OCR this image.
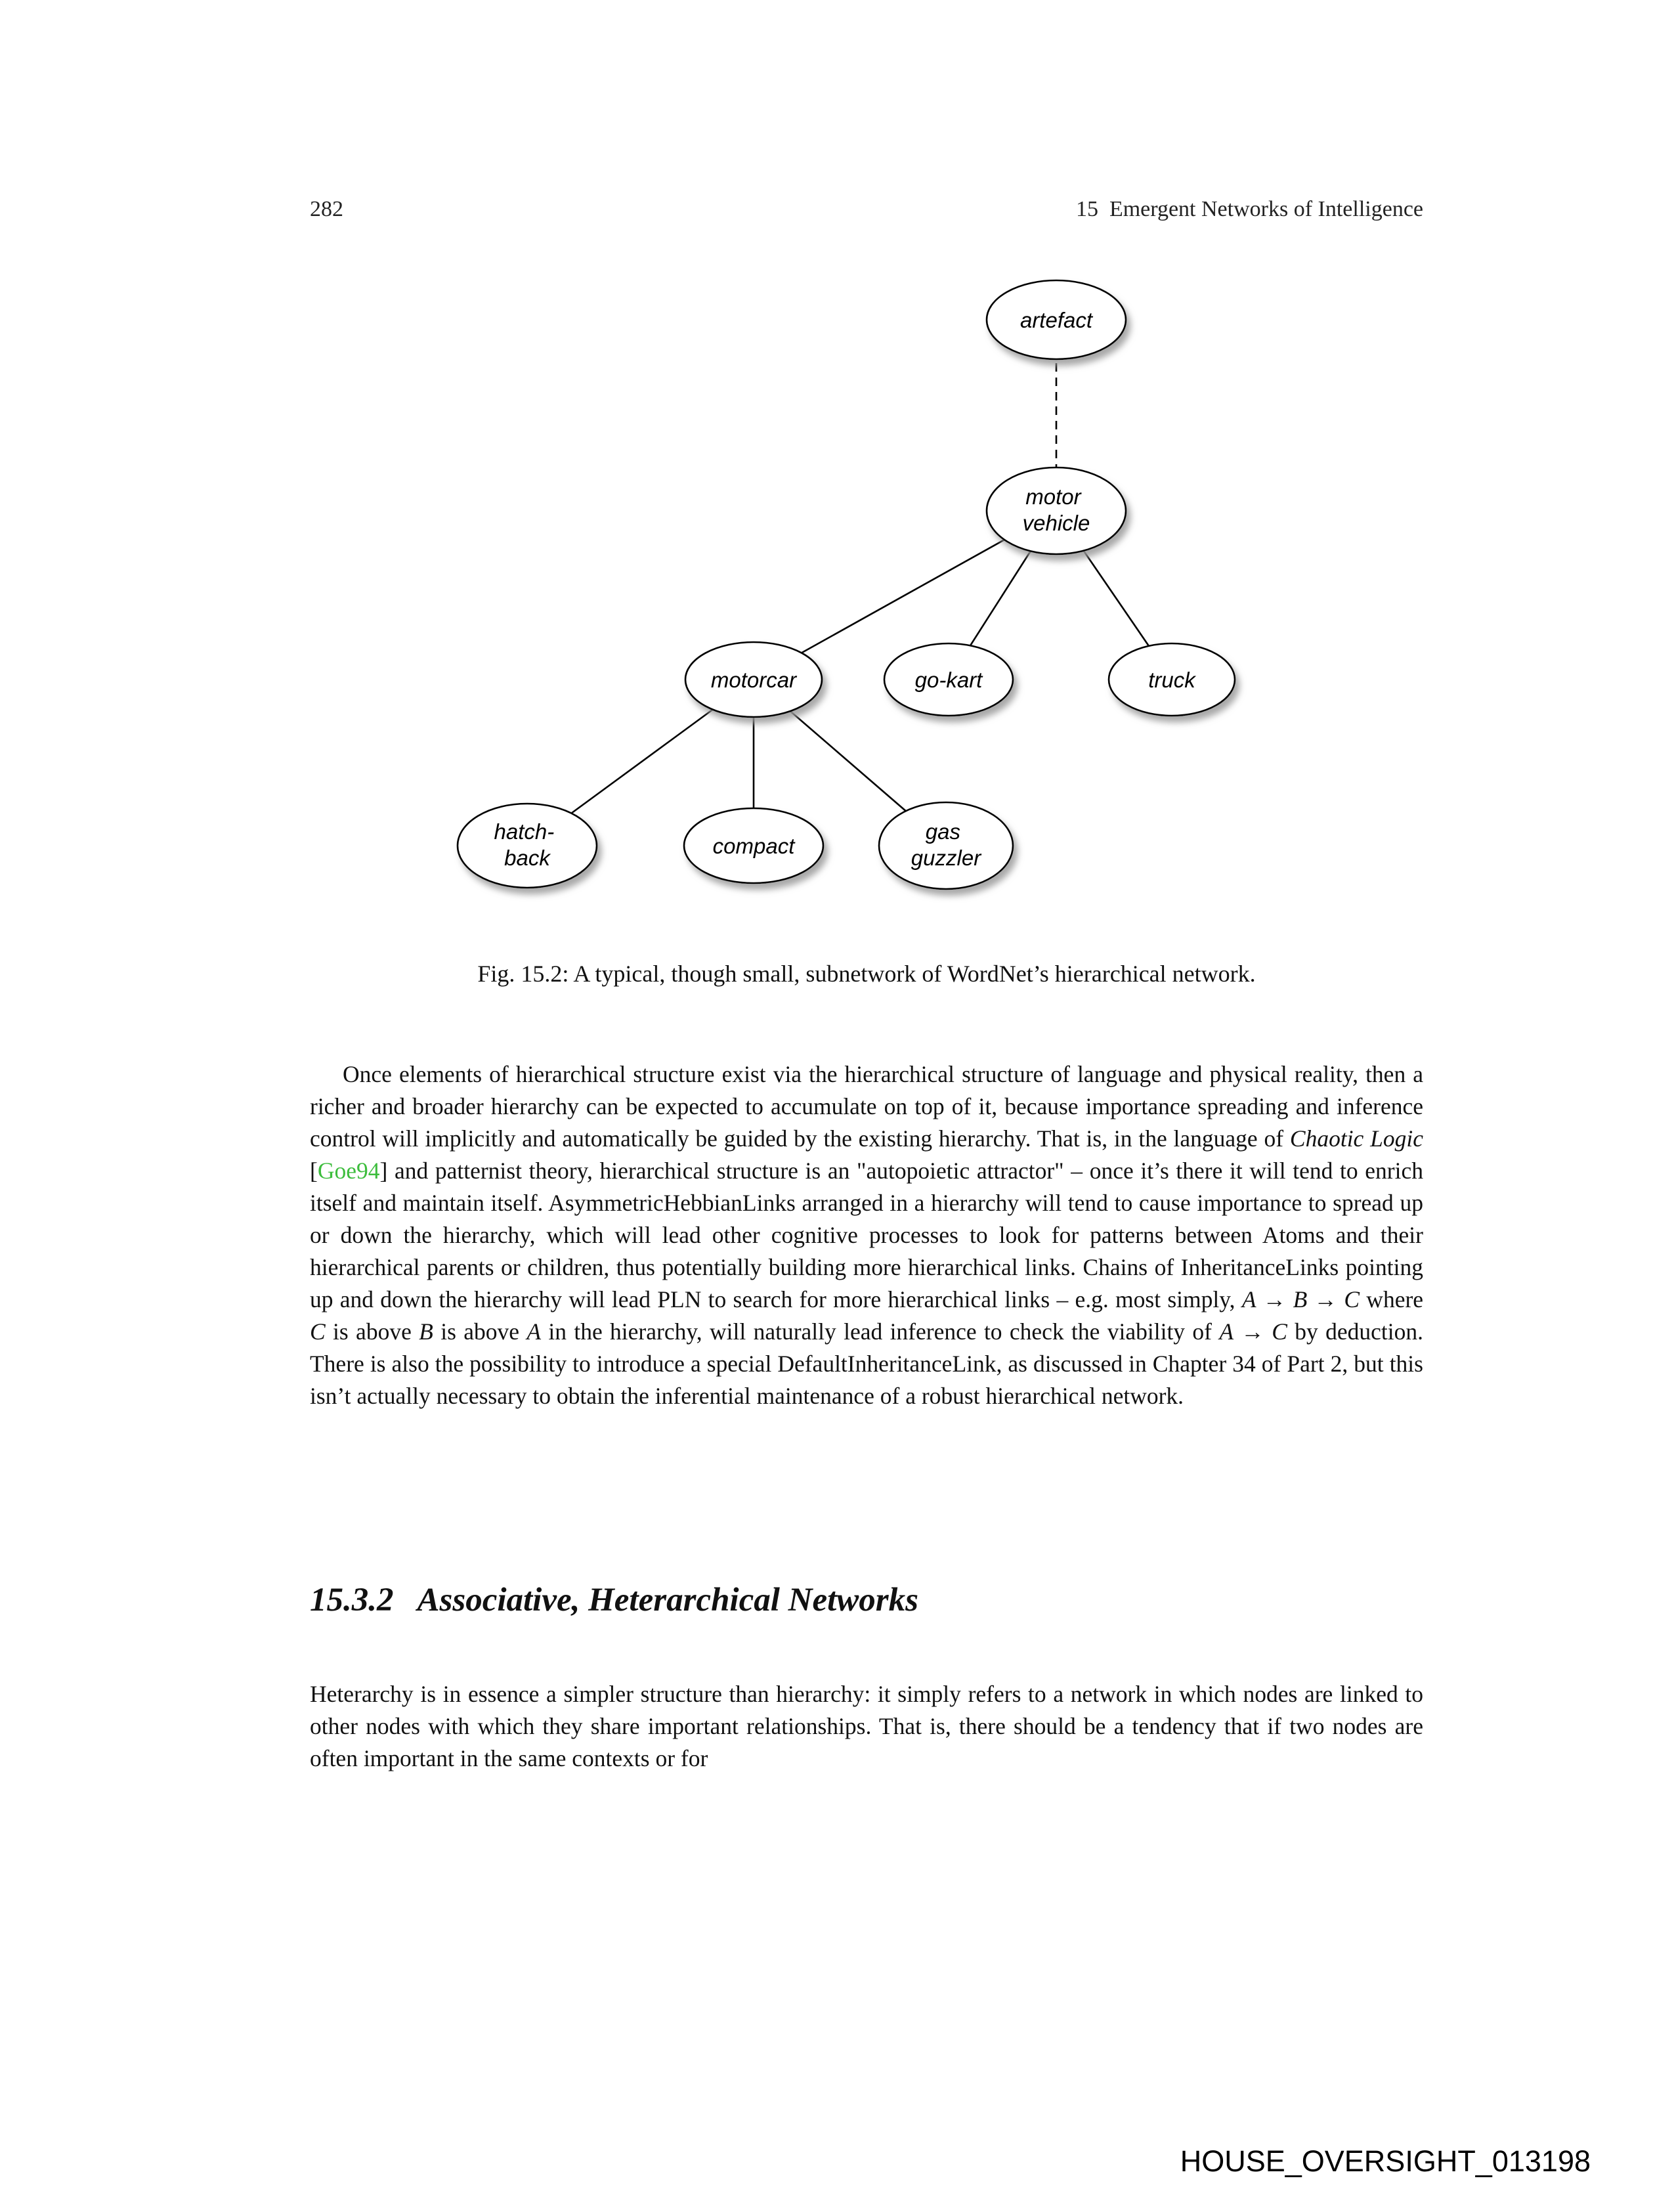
282	15  Emergent Networks of Intelligence
artefact
motor vehicle
motorcar	go-kart	truck
hatch- back	compact
gas guzzler
Fig. 15.2: A typical, though small, subnetwork of WordNet’s hierarchical network.

Once elements of hierarchical structure exist via the hierarchical structure of language and physical reality, then a richer and broader hierarchy can be expected to accumulate on top of it, because importance spreading and inference control will implicitly and automatically be guided by the existing hierarchy. That is, in the language of Chaotic Logic [Goe94] and patternist theory, hierarchical structure is an "autopoietic attractor" – once it’s there it will tend to enrich itself and maintain itself. AsymmetricHebbianLinks arranged in a hierarchy will tend to cause importance to spread up or down the hierarchy, which will lead other cognitive processes to look for patterns between Atoms and their hierarchical parents or children, thus potentially building more hierarchical links. Chains of InheritanceLinks pointing up and down the hierarchy will lead PLN to search for more hierarchical links – e.g. most simply, A → B → C where C is above B is above A in the hierarchy, will naturally lead inference to check the viability of A → C by deduction. There is also the possibility to introduce a special DefaultInheritanceLink, as discussed in Chapter 34 of Part 2, but this isn’t actually necessary to obtain the inferential maintenance of a robust hierarchical network.

15.3.2 Associative, Heterarchical Networks

Heterarchy is in essence a simpler structure than hierarchy: it simply refers to a network in which nodes are linked to other nodes with which they share important relationships. That is, there should be a tendency that if two nodes are often important in the same contexts or for

HOUSE_OVERSIGHT_013198
